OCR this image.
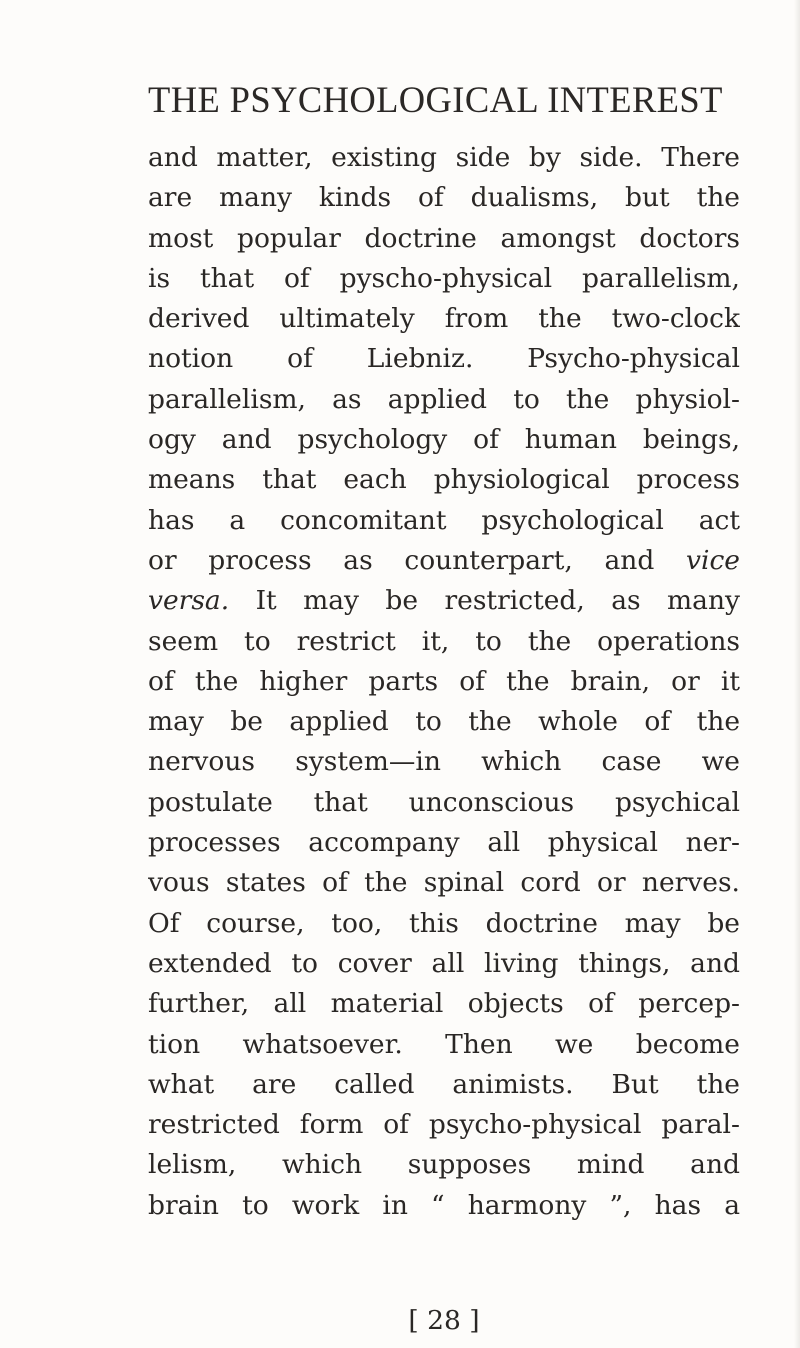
THE PSYCHOLOGICAL INTEREST
and matter, existing side by side. There
are many kinds of dualisms, but the
most popular doctrine amongst doctors
is that of pyscho-physical parallelism,
derived ultimately from the two-clock
notion of Liebniz. Psycho-physical
parallelism, as applied to the physiol-
ogy and psychology of human beings,
means that each physiological process
has a concomitant psychological act
or process as counterpart, and vice
versa. It may be restricted, as many
seem to restrict it, to the operations
of the higher parts of the brain, or it
may be applied to the whole of the
nervous system—in which case we
postulate that unconscious psychical
processes accompany all physical ner-
vous states of the spinal cord or nerves.
Of course, too, this doctrine may be
extended to cover all living things, and
further, all material objects of percep-
tion whatsoever. Then we become
what are called animists. But the
restricted form of psycho-physical paral-
lelism, which supposes mind and
brain to work in “ harmony ”, has a
[ 28 ]
